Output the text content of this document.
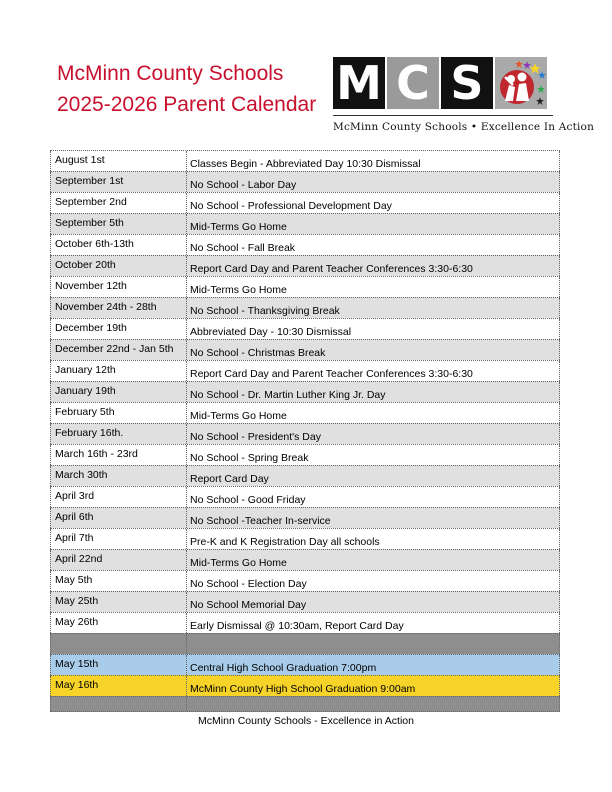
McMinn County Schools
2025-2026 Parent Calendar M C S
McMinn County Schools • Excellence In Action
August 1st	Classes Begin - Abbreviated Day 10:30 Dismissal
September 1st	No School - Labor Day
September 2nd	No School - Professional Development Day
September 5th	Mid-Terms Go Home
October 6th-13th	No School - Fall Break
October 20th	Report Card Day and Parent Teacher Conferences 3:30-6:30
November 12th	Mid-Terms Go Home
November 24th - 28th	No School - Thanksgiving Break
December 19th	Abbreviated Day - 10:30 Dismissal
December 22nd - Jan 5th	No School - Christmas Break
January 12th	Report Card Day and Parent Teacher Conferences 3:30-6:30
January 19th	No School - Dr. Martin Luther King Jr. Day
February 5th	Mid-Terms Go Home
February 16th.	No School - President's Day
March 16th - 23rd	No School - Spring Break
March 30th	Report Card Day
April 3rd	No School - Good Friday
April 6th	No School -Teacher In-service
April 7th	Pre-K and K Registration Day all schools
April 22nd	Mid-Terms Go Home
May 5th	No School - Election Day
May 25th	No School Memorial Day
May 26th	Early Dismissal @ 10:30am, Report Card Day
May 15th	Central High School Graduation 7:00pm
May 16th	McMinn County High School Graduation 9:00am
McMinn County Schools - Excellence in Action
